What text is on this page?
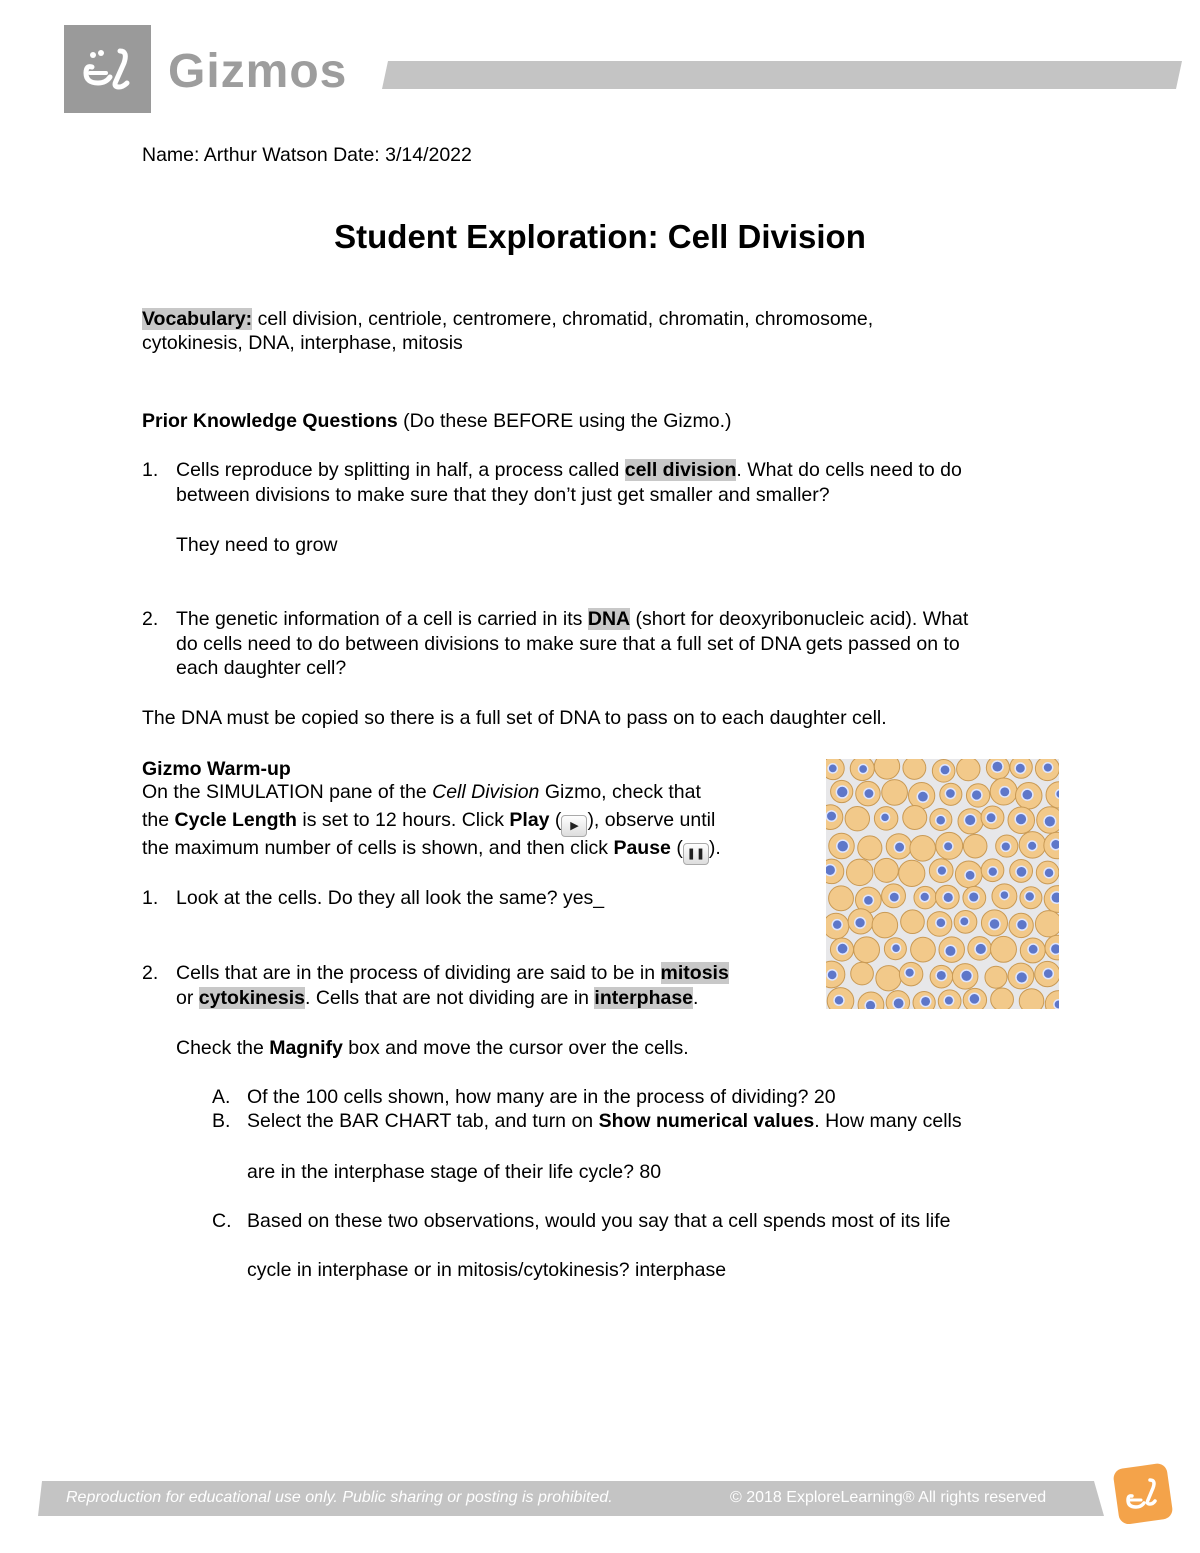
Gizmos
Name: Arthur Watson Date: 3/14/2022
Student Exploration: Cell Division
Vocabulary: cell division, centriole, centromere, chromatid, chromatin, chromosome,
cytokinesis, DNA, interphase, mitosis
Prior Knowledge Questions (Do these BEFORE using the Gizmo.)
1. Cells reproduce by splitting in half, a process called cell division. What do cells need to do
between divisions to make sure that they don’t just get smaller and smaller?
They need to grow
2. The genetic information of a cell is carried in its DNA (short for deoxyribonucleic acid). What
do cells need to do between divisions to make sure that a full set of DNA gets passed on to
each daughter cell?
The DNA must be copied so there is a full set of DNA to pass on to each daughter cell.
Gizmo Warm-up
On the SIMULATION pane of the Cell Division Gizmo, check that
the Cycle Length is set to 12 hours. Click Play ( ▶ ), observe until
the maximum number of cells is shown, and then click Pause ( ❚❚ ).
1. Look at the cells. Do they all look the same? yes_
2. Cells that are in the process of dividing are said to be in mitosis
or cytokinesis. Cells that are not dividing are in interphase.
Check the Magnify box and move the cursor over the cells.
A. Of the 100 cells shown, how many are in the process of dividing? 20
B. Select the BAR CHART tab, and turn on Show numerical values. How many cells
are in the interphase stage of their life cycle? 80
C. Based on these two observations, would you say that a cell spends most of its life
cycle in interphase or in mitosis/cytokinesis? interphase
Reproduction for educational use only. Public sharing or posting is prohibited.	© 2018 ExploreLearning® All rights reserved
